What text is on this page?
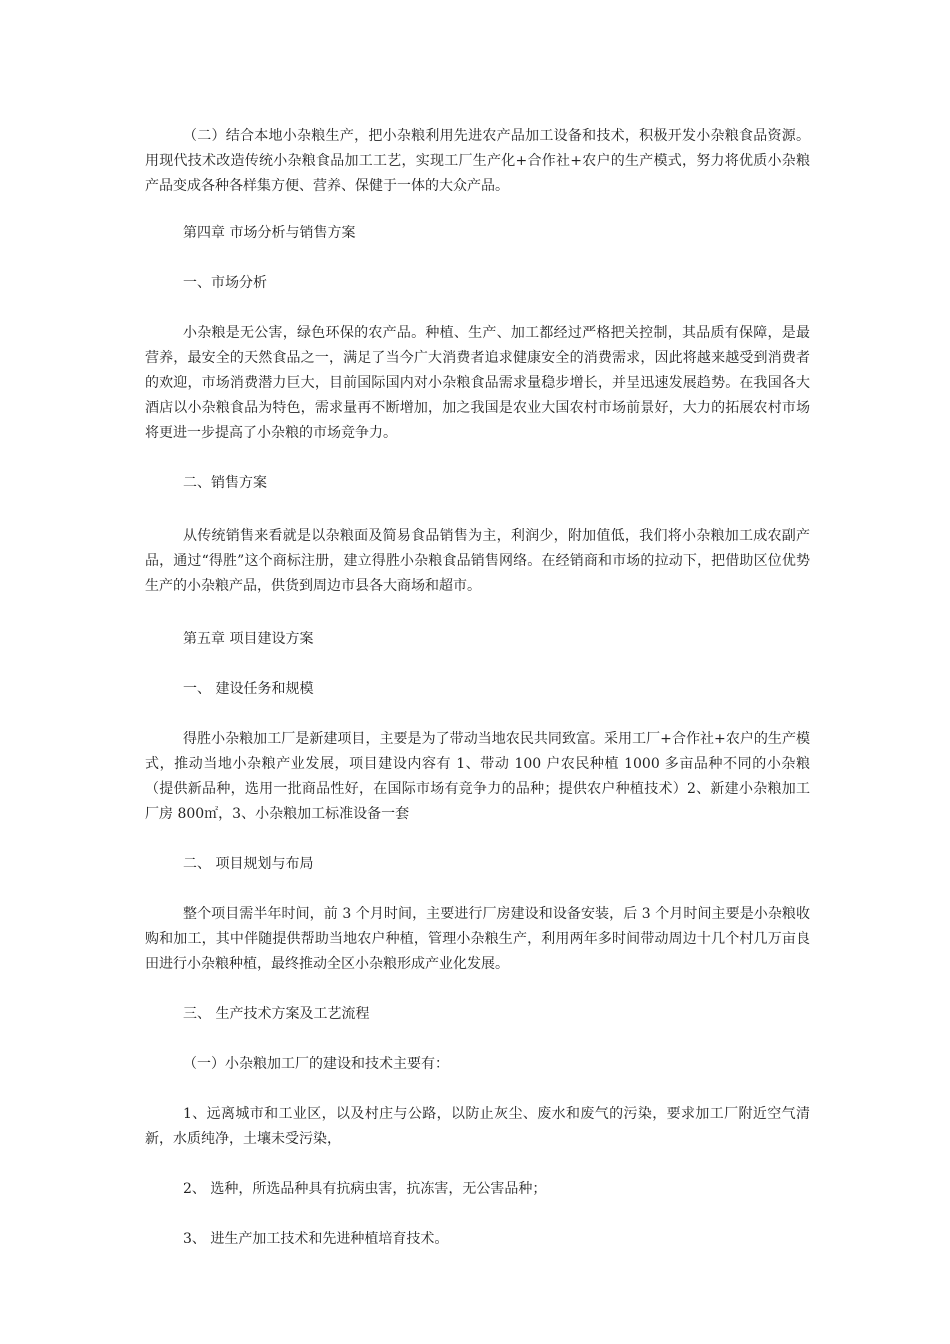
（二）结合本地小杂粮生产，把小杂粮利用先进农产品加工设备和技术，积极开发小杂粮食品资源。用现代技术改造传统小杂粮食品加工工艺，实现工厂生产化+合作社+农户的生产模式，努力将优质小杂粮产品变成各种各样集方便、营养、保健于一体的大众产品。

第四章 市场分析与销售方案

一、市场分析

小杂粮是无公害，绿色环保的农产品。种植、生产、加工都经过严格把关控制，其品质有保障，是最营养，最安全的天然食品之一，满足了当今广大消费者追求健康安全的消费需求，因此将越来越受到消费者的欢迎，市场消费潜力巨大，目前国际国内对小杂粮食品需求量稳步增长，并呈迅速发展趋势。在我国各大酒店以小杂粮食品为特色，需求量再不断增加，加之我国是农业大国农村市场前景好，大力的拓展农村市场将更进一步提高了小杂粮的市场竞争力。

二、销售方案

从传统销售来看就是以杂粮面及简易食品销售为主，利润少，附加值低，我们将小杂粮加工成农副产品，通过“得胜”这个商标注册，建立得胜小杂粮食品销售网络。在经销商和市场的拉动下，把借助区位优势生产的小杂粮产品，供货到周边市县各大商场和超市。

第五章 项目建设方案

一、 建设任务和规模

得胜小杂粮加工厂是新建项目，主要是为了带动当地农民共同致富。采用工厂+合作社+农户的生产模式，推动当地小杂粮产业发展，项目建设内容有 1、带动 100 户农民种植 1000 多亩品种不同的小杂粮（提供新品种，选用一批商品性好，在国际市场有竞争力的品种；提供农户种植技术）2、新建小杂粮加工厂房 800㎡，3、小杂粮加工标准设备一套

二、 项目规划与布局

整个项目需半年时间，前 3 个月时间，主要进行厂房建设和设备安装，后 3 个月时间主要是小杂粮收购和加工，其中伴随提供帮助当地农户种植，管理小杂粮生产，利用两年多时间带动周边十几个村几万亩良田进行小杂粮种植，最终推动全区小杂粮形成产业化发展。

三、 生产技术方案及工艺流程

（一）小杂粮加工厂的建设和技术主要有：

1、远离城市和工业区，以及村庄与公路，以防止灰尘、废水和废气的污染，要求加工厂附近空气清新，水质纯净，土壤未受污染，

2、 选种，所选品种具有抗病虫害，抗冻害，无公害品种；

3、 进生产加工技术和先进种植培育技术。
